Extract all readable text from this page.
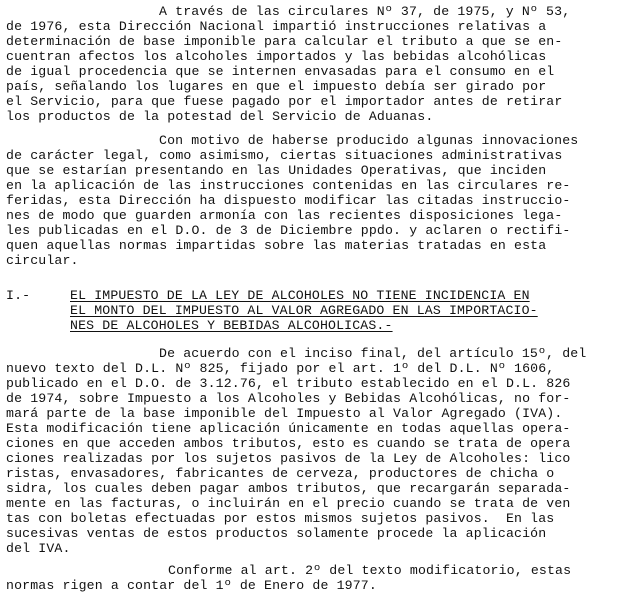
A través de las circulares Nº 37, de 1975, y Nº 53,
de 1976, esta Dirección Nacional impartió instrucciones relativas a
determinación de base imponible para calcular el tributo a que se en-
cuentran afectos los alcoholes importados y las bebidas alcohólicas
de igual procedencia que se internen envasadas para el consumo en el
país, señalando los lugares en que el impuesto debía ser girado por
el Servicio, para que fuese pagado por el importador antes de retirar
los productos de la potestad del Servicio de Aduanas.
Con motivo de haberse producido algunas innovaciones
de carácter legal, como asimismo, ciertas situaciones administrativas
que se estarían presentando en las Unidades Operativas, que inciden
en la aplicación de las instrucciones contenidas en las circulares re-
feridas, esta Dirección ha dispuesto modificar las citadas instruccio-
nes de modo que guarden armonía con las recientes disposiciones lega-
les publicadas en el D.O. de 3 de Diciembre ppdo. y aclaren o rectifi-
quen aquellas normas impartidas sobre las materias tratadas en esta
circular.
I.-	EL IMPUESTO DE LA LEY DE ALCOHOLES NO TIENE INCIDENCIA EN
EL MONTO DEL IMPUESTO AL VALOR AGREGADO EN LAS IMPORTACIO-
NES DE ALCOHOLES Y BEBIDAS ALCOHOLICAS.-
De acuerdo con el inciso final, del artículo 15º, del
nuevo texto del D.L. Nº 825, fijado por el art. 1º del D.L. Nº 1606,
publicado en el D.O. de 3.12.76, el tributo establecido en el D.L. 826
de 1974, sobre Impuesto a los Alcoholes y Bebidas Alcohólicas, no for-
mará parte de la base imponible del Impuesto al Valor Agregado (IVA).
Esta modificación tiene aplicación únicamente en todas aquellas opera-
ciones en que acceden ambos tributos, esto es cuando se trata de opera
ciones realizadas por los sujetos pasivos de la Ley de Alcoholes: lico
ristas, envasadores, fabricantes de cerveza, productores de chicha o
sidra, los cuales deben pagar ambos tributos, que recargarán separada-
mente en las facturas, o incluirán en el precio cuando se trata de ven
tas con boletas efectuadas por estos mismos sujetos pasivos.  En las
sucesivas ventas de estos productos solamente procede la aplicación
del IVA.
Conforme al art. 2º del texto modificatorio, estas
normas rigen a contar del 1º de Enero de 1977.
